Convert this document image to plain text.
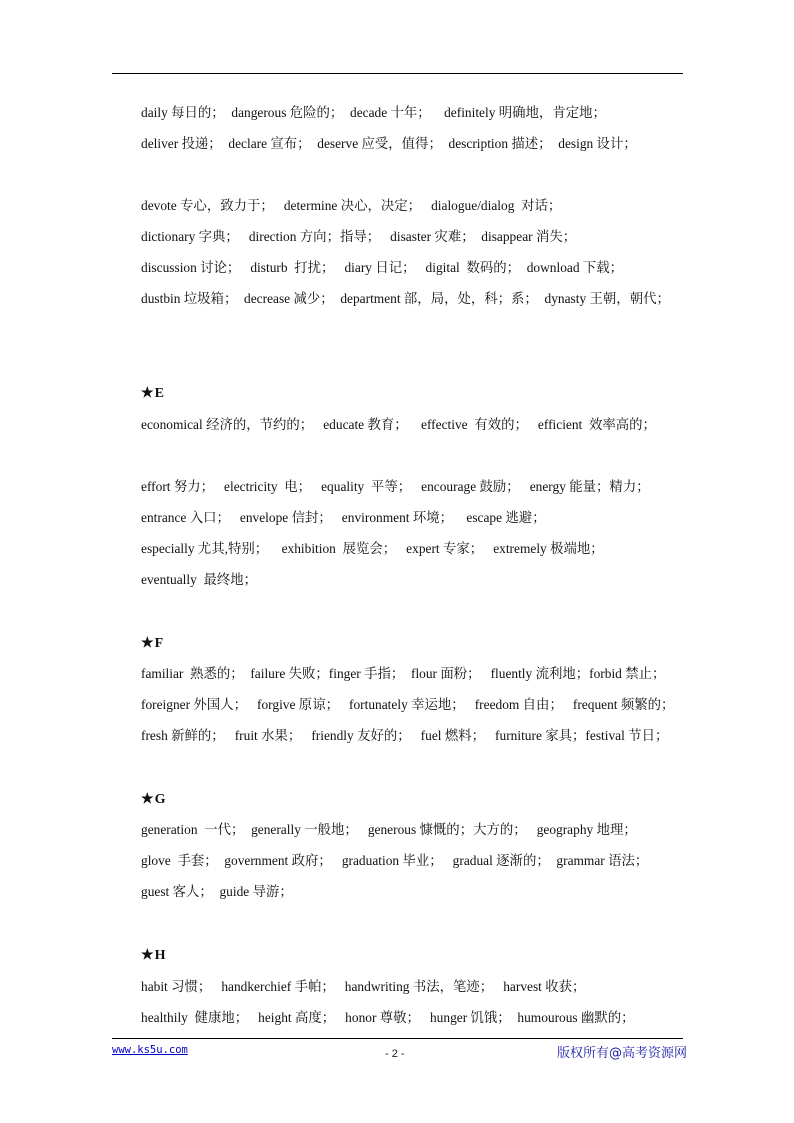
daily 每日的；  dangerous 危险的；  decade 十年；    definitely 明确地，肯定地；
deliver 投递；  declare 宣布；  deserve 应受，值得；  description 描述；  design 设计；
devote 专心，致力于；   determine 决心，决定；   dialogue/dialog  对话；
dictionary 字典；   direction 方向；指导；   disaster 灾难；  disappear 消失；
discussion 讨论；   disturb  打扰；   diary 日记；   digital  数码的；  download 下载；
dustbin 垃圾箱；  decrease 减少；  department 部，局，处，科；系；  dynasty 王朝，朝代；
★E
economical 经济的，节约的；   educate 教育；    effective  有效的；   efficient  效率高的；
effort 努力；   electricity  电；   equality  平等；   encourage 鼓励；   energy 能量；精力；
entrance 入口；   envelope 信封；   environment 环境；    escape 逃避；
especially 尤其,特别；    exhibition  展览会；   expert 专家；   extremely 极端地；
eventually  最终地；
★F
familiar  熟悉的；  failure 失败；finger 手指；  flour 面粉；   fluently 流利地；forbid 禁止；
foreigner 外国人；   forgive 原谅；   fortunately 幸运地；   freedom 自由；   frequent 频繁的；
fresh 新鲜的；   fruit 水果；   friendly 友好的；   fuel 燃料；   furniture 家具；festival 节日；
★G
generation  一代；  generally 一般地；   generous 慷慨的；大方的；   geography 地理；
glove  手套；  government 政府；   graduation 毕业；   gradual 逐渐的；  grammar 语法；
guest 客人；  guide 导游；
★H
habit 习惯；   handkerchief 手帕；   handwriting 书法，笔迹；   harvest 收获；
healthily  健康地；   height 高度；   honor 尊敬；   hunger 饥饿；  humourous 幽默的；
www.ks5u.com	- 2 -	版权所有@高考资源网
